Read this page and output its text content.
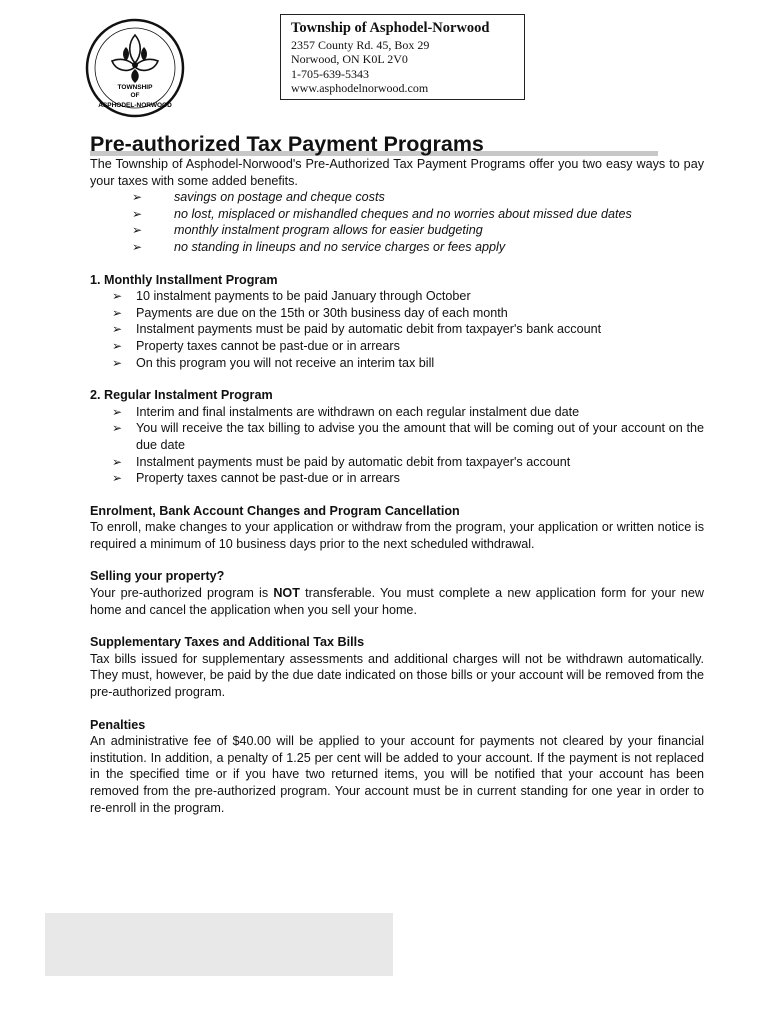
TOWNSHIP
OF
ASPHODEL-NORWOOD
Township of Asphodel-Norwood
2357 County Rd. 45, Box 29
Norwood, ON K0L 2V0
1-705-639-5343
www.asphodelnorwood.com
Pre-authorized Tax Payment Programs

The Township of Asphodel-Norwood's Pre-Authorized Tax Payment Programs offer you two easy ways to pay your taxes with some added benefits.

➢	savings on postage and cheque costs
➢	no lost, misplaced or mishandled cheques and no worries about missed due dates
➢	monthly instalment program allows for easier budgeting
➢	no standing in lineups and no service charges or fees apply
1. Monthly Installment Program
➢ 10 instalment payments to be paid January through October
➢ Payments are due on the 15th or 30th business day of each month
➢ Instalment payments must be paid by automatic debit from taxpayer's bank account
➢ Property taxes cannot be past-due or in arrears
➢ On this program you will not receive an interim tax bill
2. Regular Instalment Program
➢ Interim and final instalments are withdrawn on each regular instalment due date
➢ You will receive the tax billing to advise you the amount that will be coming out of your account on the due date
➢ Instalment payments must be paid by automatic debit from taxpayer's account
➢ Property taxes cannot be past-due or in arrears
Enrolment, Bank Account Changes and Program Cancellation

To enroll, make changes to your application or withdraw from the program, your application or written notice is required a minimum of 10 business days prior to the next scheduled withdrawal.

Selling your property?

Your pre-authorized program is NOT transferable. You must complete a new application form for your new home and cancel the application when you sell your home.

Supplementary Taxes and Additional Tax Bills

Tax bills issued for supplementary assessments and additional charges will not be withdrawn automatically. They must, however, be paid by the due date indicated on those bills or your account will be removed from the pre-authorized program.

Penalties

An administrative fee of $40.00 will be applied to your account for payments not cleared by your financial institution. In addition, a penalty of 1.25 per cent will be added to your account. If the payment is not replaced in the specified time or if you have two returned items, you will be notified that your account has been removed from the pre-authorized program. Your account must be in current standing for one year in order to re-enroll in the program.
